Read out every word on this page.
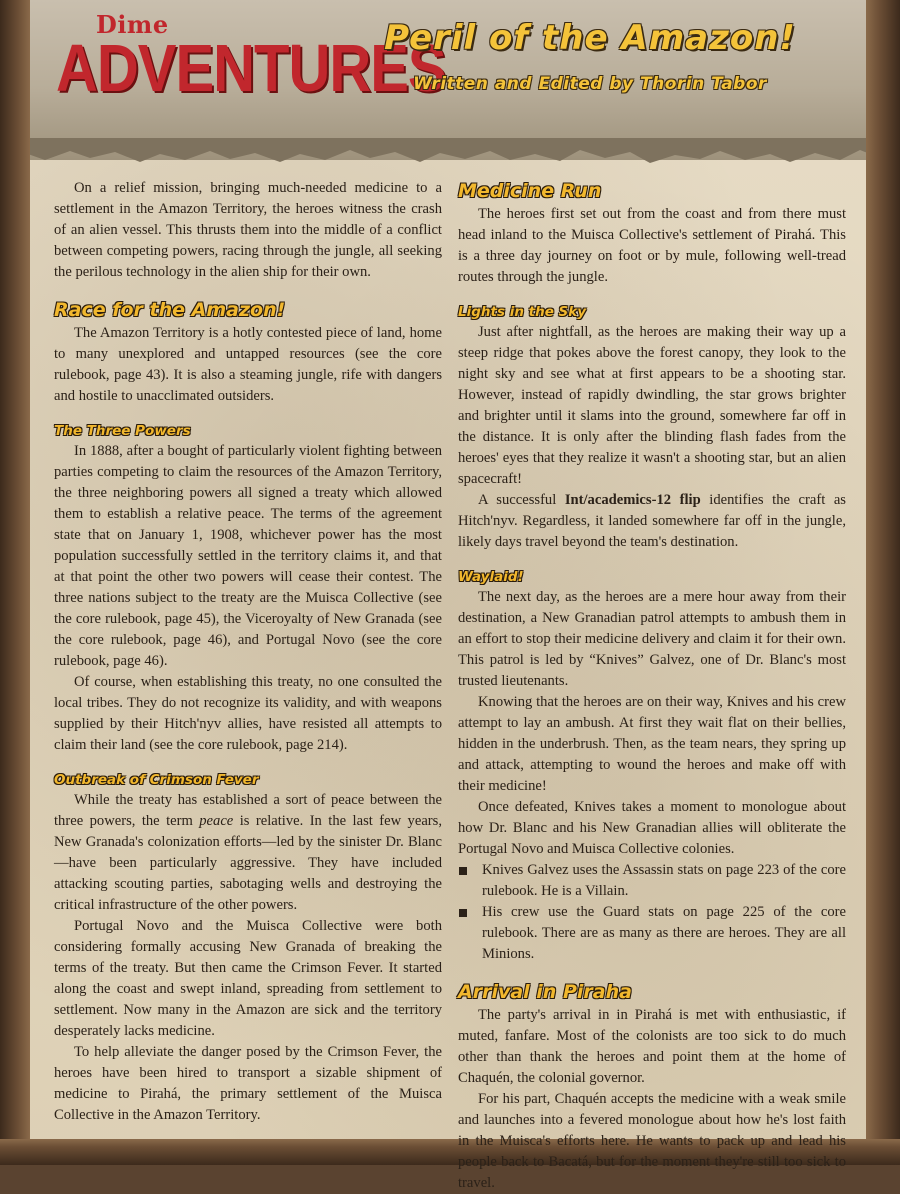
Dime
ADVENTURES
Peril of the Amazon!
Written and Edited by Thorin Tabor

On a relief mission, bringing much-needed medicine to a settlement in the Amazon Territory, the heroes witness the crash of an alien vessel. This thrusts them into the middle of a conflict between competing powers, racing through the jungle, all seeking the perilous technology in the alien ship for their own.

Race for the Amazon!

The Amazon Territory is a hotly contested piece of land, home to many unexplored and untapped resources (see the core rulebook, page 43). It is also a steaming jungle, rife with dangers and hostile to unacclimated outsiders.

The Three Powers

In 1888, after a bought of particularly violent fighting between parties competing to claim the resources of the Amazon Territory, the three neighboring powers all signed a treaty which allowed them to establish a relative peace. The terms of the agreement state that on January 1, 1908, whichever power has the most population successfully settled in the territory claims it, and that at that point the other two powers will cease their contest. The three nations subject to the treaty are the Muisca Collective (see the core rulebook, page 45), the Viceroyalty of New Granada (see the core rulebook, page 46), and Portugal Novo (see the core rulebook, page 46).

Of course, when establishing this treaty, no one consulted the local tribes. They do not recognize its validity, and with weapons supplied by their Hitch'nyv allies, have resisted all attempts to claim their land (see the core rulebook, page 214).

Outbreak of Crimson Fever

While the treaty has established a sort of peace between the three powers, the term peace is relative. In the last few years, New Granada's colonization efforts—led by the sinister Dr. Blanc—have been particularly aggressive. They have included attacking scouting parties, sabotaging wells and destroying the critical infrastructure of the other powers.

Portugal Novo and the Muisca Collective were both considering formally accusing New Granada of breaking the terms of the treaty. But then came the Crimson Fever. It started along the coast and swept inland, spreading from settlement to settlement. Now many in the Amazon are sick and the territory desperately lacks medicine.

To help alleviate the danger posed by the Crimson Fever, the heroes have been hired to transport a sizable shipment of medicine to Pirahá, the primary settlement of the Muisca Collective in the Amazon Territory.

Medicine Run

The heroes first set out from the coast and from there must head inland to the Muisca Collective's settlement of Pirahá. This is a three day journey on foot or by mule, following well-tread routes through the jungle.

Lights in the Sky

Just after nightfall, as the heroes are making their way up a steep ridge that pokes above the forest canopy, they look to the night sky and see what at first appears to be a shooting star. However, instead of rapidly dwindling, the star grows brighter and brighter until it slams into the ground, somewhere far off in the distance. It is only after the blinding flash fades from the heroes' eyes that they realize it wasn't a shooting star, but an alien spacecraft!

A successful Int/academics-12 flip identifies the craft as Hitch'nyv. Regardless, it landed somewhere far off in the jungle, likely days travel beyond the team's destination.

Waylaid!

The next day, as the heroes are a mere hour away from their destination, a New Granadian patrol attempts to ambush them in an effort to stop their medicine delivery and claim it for their own. This patrol is led by “Knives” Galvez, one of Dr. Blanc's most trusted lieutenants.

Knowing that the heroes are on their way, Knives and his crew attempt to lay an ambush. At first they wait flat on their bellies, hidden in the underbrush. Then, as the team nears, they spring up and attack, attempting to wound the heroes and make off with their medicine!

Once defeated, Knives takes a moment to monologue about how Dr. Blanc and his New Granadian allies will obliterate the Portugal Novo and Muisca Collective colonies.

Knives Galvez uses the Assassin stats on page 223 of the core rulebook. He is a Villain.
His crew use the Guard stats on page 225 of the core rulebook. There are as many as there are heroes. They are all Minions.
Arrival in Piraha

The party's arrival in in Pirahá is met with enthusiastic, if muted, fanfare. Most of the colonists are too sick to do much other than thank the heroes and point them at the home of Chaquén, the colonial governor.

For his part, Chaquén accepts the medicine with a weak smile and launches into a fevered monologue about how he's lost faith in the Muisca's efforts here. He wants to pack up and lead his people back to Bacatá, but for the moment they're still too sick to travel.
